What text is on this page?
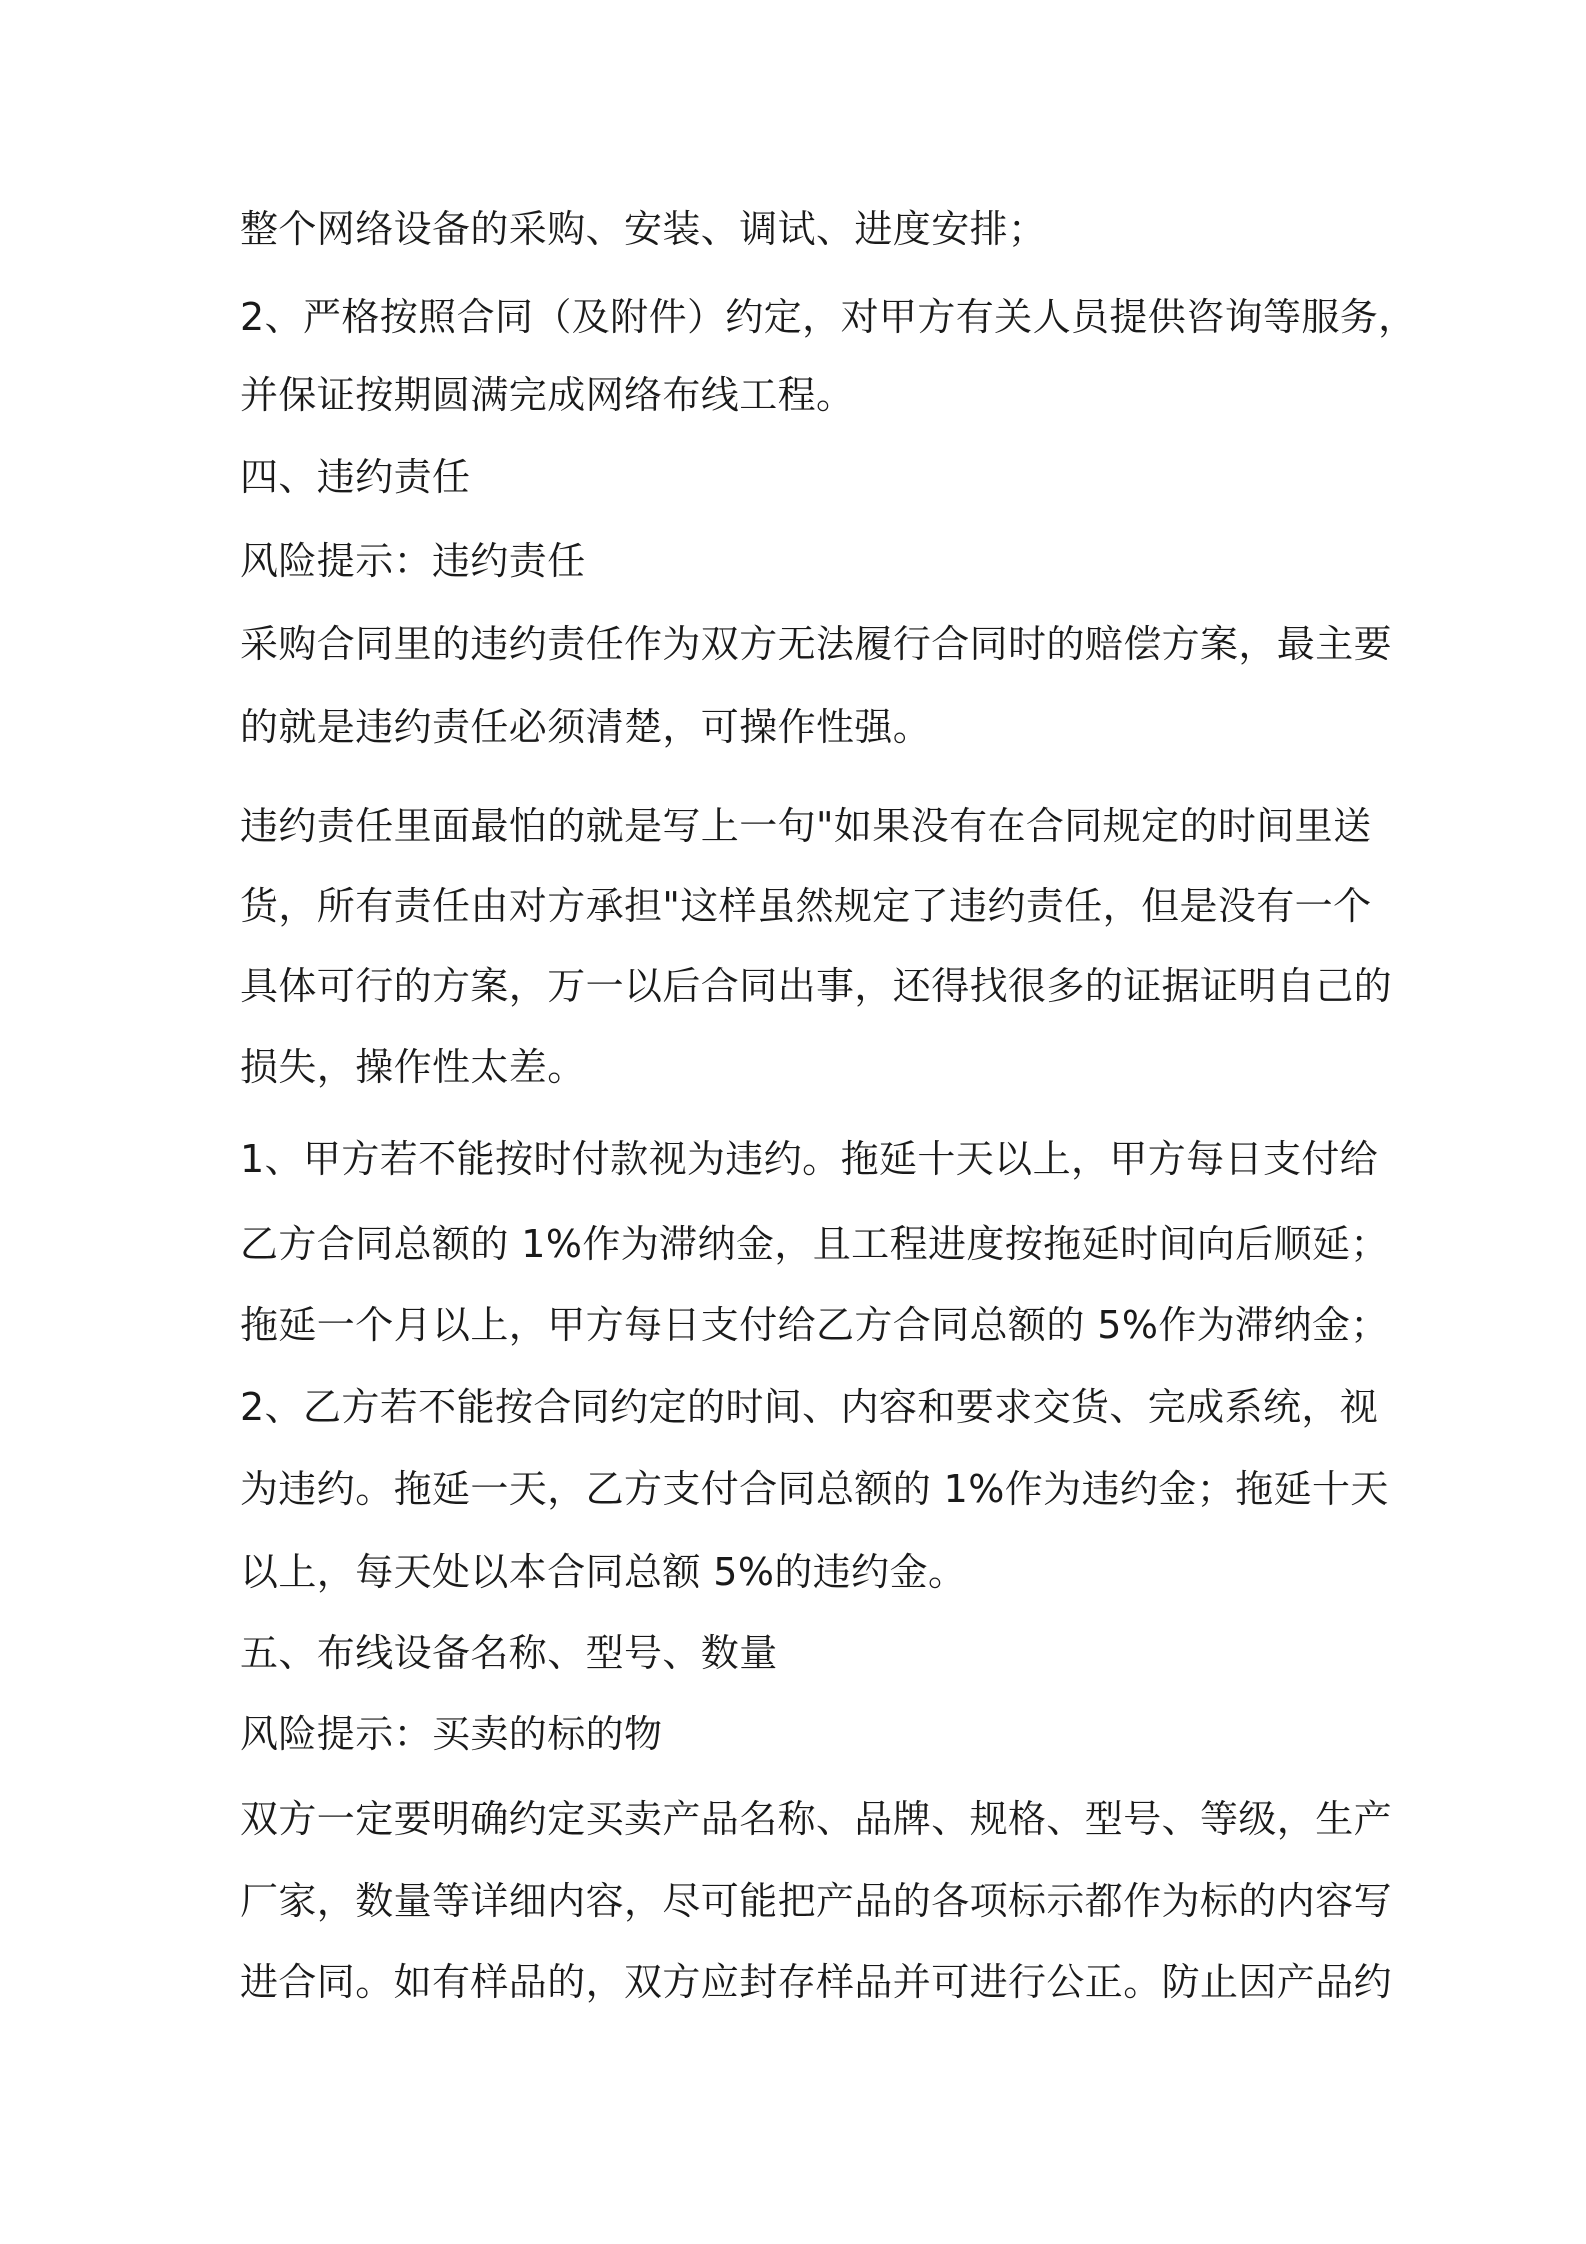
整个网络设备的采购、安装、调试、进度安排；
2、严格按照合同（及附件）约定，对甲方有关人员提供咨询等服务，
并保证按期圆满完成网络布线工程。
四、违约责任
风险提示：违约责任
采购合同里的违约责任作为双方无法履行合同时的赔偿方案，最主要
的就是违约责任必须清楚，可操作性强。
违约责任里面最怕的就是写上一句"如果没有在合同规定的时间里送
货，所有责任由对方承担"这样虽然规定了违约责任，但是没有一个
具体可行的方案，万一以后合同出事，还得找很多的证据证明自己的
损失，操作性太差。
1、甲方若不能按时付款视为违约。拖延十天以上，甲方每日支付给
乙方合同总额的 1%作为滞纳金，且工程进度按拖延时间向后顺延；
拖延一个月以上，甲方每日支付给乙方合同总额的 5%作为滞纳金；
2、乙方若不能按合同约定的时间、内容和要求交货、完成系统，视
为违约。拖延一天，乙方支付合同总额的 1%作为违约金；拖延十天
以上，每天处以本合同总额 5%的违约金。
五、布线设备名称、型号、数量
风险提示：买卖的标的物
双方一定要明确约定买卖产品名称、品牌、规格、型号、等级，生产
厂家，数量等详细内容，尽可能把产品的各项标示都作为标的内容写
进合同。如有样品的，双方应封存样品并可进行公正。防止因产品约
